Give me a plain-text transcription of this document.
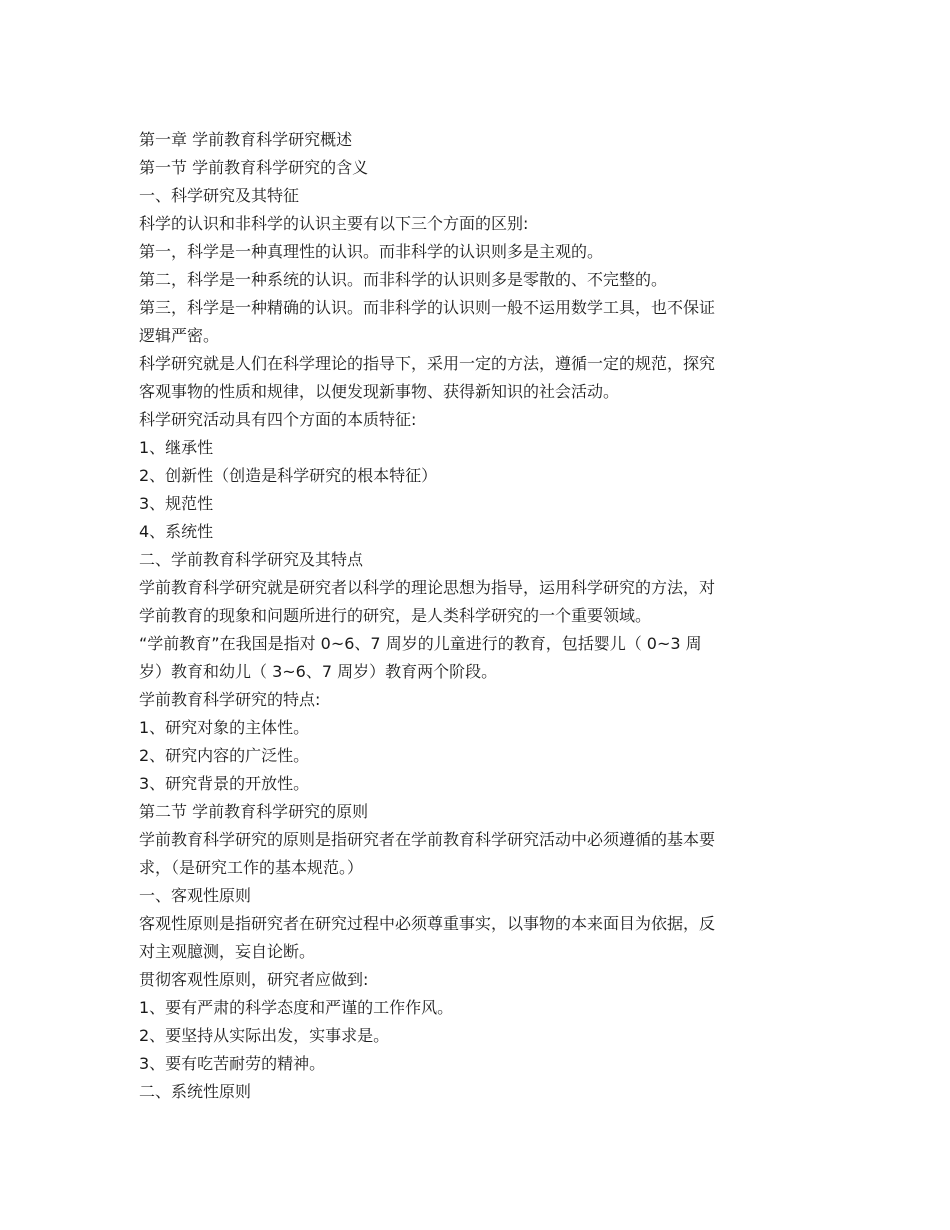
第一章 学前教育科学研究概述
第一节 学前教育科学研究的含义
一、科学研究及其特征
科学的认识和非科学的认识主要有以下三个方面的区别:
第一，科学是一种真理性的认识。而非科学的认识则多是主观的。
第二，科学是一种系统的认识。而非科学的认识则多是零散的、不完整的。
第三，科学是一种精确的认识。而非科学的认识则一般不运用数学工具，也不保证
逻辑严密。
科学研究就是人们在科学理论的指导下，采用一定的方法，遵循一定的规范，探究
客观事物的性质和规律，以便发现新事物、获得新知识的社会活动。
科学研究活动具有四个方面的本质特征:
1、继承性
2、创新性（创造是科学研究的根本特征）
3、规范性
4、系统性
二、学前教育科学研究及其特点
学前教育科学研究就是研究者以科学的理论思想为指导，运用科学研究的方法，对
学前教育的现象和问题所进行的研究，是人类科学研究的一个重要领域。
“学前教育”在我国是指对 0~6、7 周岁的儿童进行的教育，包括婴儿（ 0~3 周
岁）教育和幼儿（ 3~6、7 周岁）教育两个阶段。
学前教育科学研究的特点:
1、研究对象的主体性。
2、研究内容的广泛性。
3、研究背景的开放性。
第二节 学前教育科学研究的原则
学前教育科学研究的原则是指研究者在学前教育科学研究活动中必须遵循的基本要
求，（是研究工作的基本规范。）
一、客观性原则
客观性原则是指研究者在研究过程中必须尊重事实，以事物的本来面目为依据，反
对主观臆测，妄自论断。
贯彻客观性原则，研究者应做到:
1、要有严肃的科学态度和严谨的工作作风。
2、要坚持从实际出发，实事求是。
3、要有吃苦耐劳的精神。
二、系统性原则
